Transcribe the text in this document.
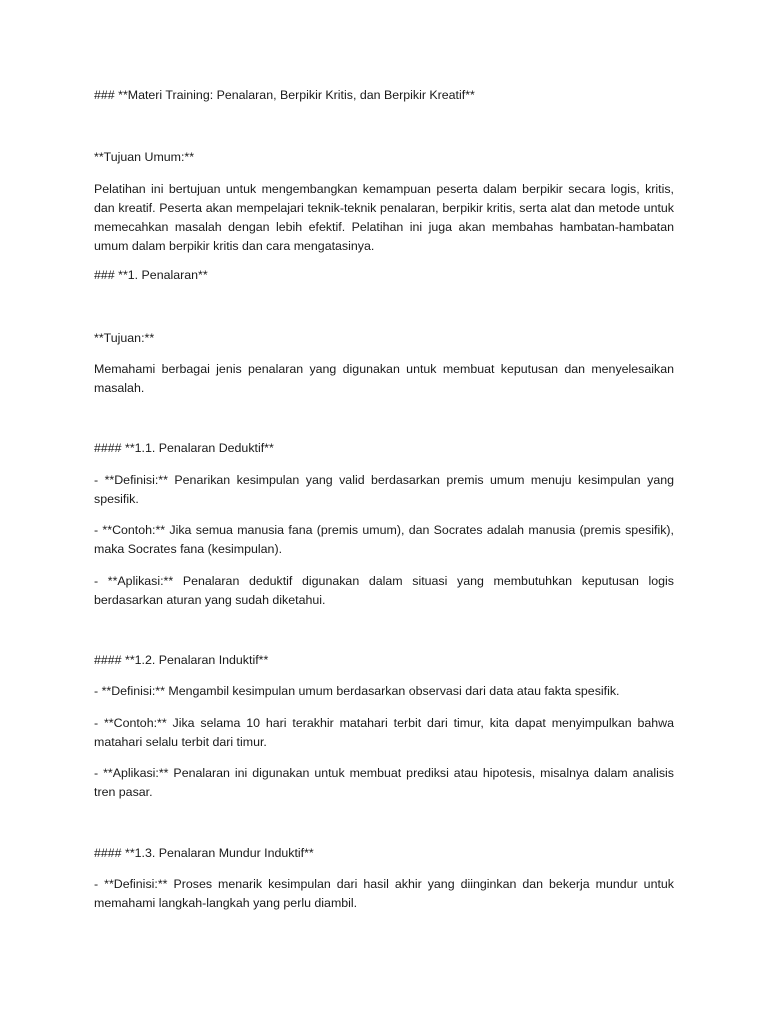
### **Materi Training: Penalaran, Berpikir Kritis, dan Berpikir Kreatif**
**Tujuan Umum:**
Pelatihan ini bertujuan untuk mengembangkan kemampuan peserta dalam berpikir secara logis, kritis, dan kreatif. Peserta akan mempelajari teknik-teknik penalaran, berpikir kritis, serta alat dan metode untuk memecahkan masalah dengan lebih efektif. Pelatihan ini juga akan membahas hambatan-hambatan umum dalam berpikir kritis dan cara mengatasinya.
### **1. Penalaran**
**Tujuan:**
Memahami berbagai jenis penalaran yang digunakan untuk membuat keputusan dan menyelesaikan masalah.
#### **1.1. Penalaran Deduktif**
- **Definisi:** Penarikan kesimpulan yang valid berdasarkan premis umum menuju kesimpulan yang spesifik.
- **Contoh:** Jika semua manusia fana (premis umum), dan Socrates adalah manusia (premis spesifik), maka Socrates fana (kesimpulan).
- **Aplikasi:** Penalaran deduktif digunakan dalam situasi yang membutuhkan keputusan logis berdasarkan aturan yang sudah diketahui.
#### **1.2. Penalaran Induktif**
- **Definisi:** Mengambil kesimpulan umum berdasarkan observasi dari data atau fakta spesifik.
- **Contoh:** Jika selama 10 hari terakhir matahari terbit dari timur, kita dapat menyimpulkan bahwa matahari selalu terbit dari timur.
- **Aplikasi:** Penalaran ini digunakan untuk membuat prediksi atau hipotesis, misalnya dalam analisis tren pasar.
#### **1.3. Penalaran Mundur Induktif**
- **Definisi:** Proses menarik kesimpulan dari hasil akhir yang diinginkan dan bekerja mundur untuk memahami langkah-langkah yang perlu diambil.
